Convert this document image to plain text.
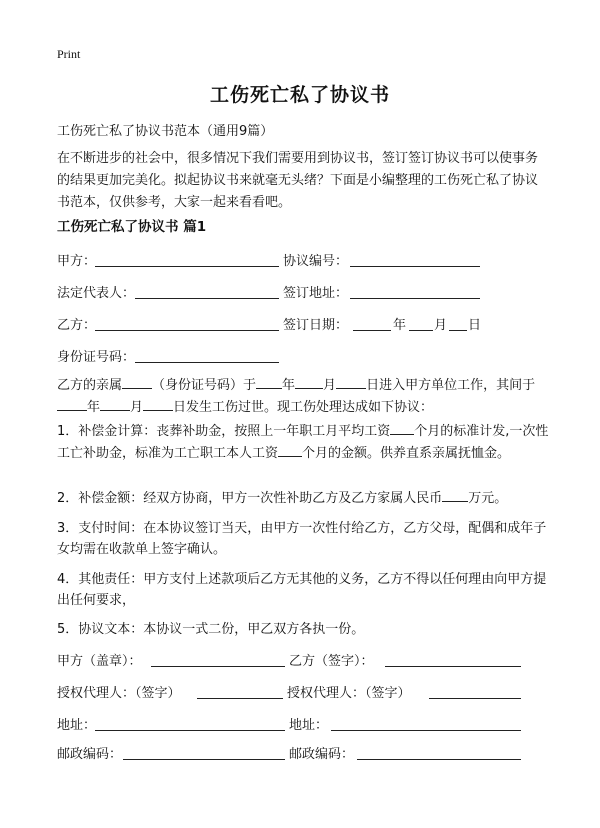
Print
工伤死亡私了协议书
工伤死亡私了协议书范本（通用9篇）
在不断进步的社会中，很多情况下我们需要用到协议书，签订签订协议书可以使事务的结果更加完美化。拟起协议书来就毫无头绪？下面是小编整理的工伤死亡私了协议书范本，仅供参考，大家一起来看看吧。
工伤死亡私了协议书 篇1
甲方：	协议编号：
法定代表人：	签订地址：
乙方：	签订日期：	年 月 日
身份证号码：
乙方的亲属 （身份证号码）于 年 月 日进入甲方单位工作，其间于年 月 日发生工伤过世。现工伤处理达成如下协议：
1．补偿金计算：丧葬补助金，按照上一年职工月平均工资 个月的标准计发,一次性工亡补助金，标准为工亡职工本人工资 个月的金额。供养直系亲属抚恤金。
2．补偿金额：经双方协商，甲方一次性补助乙方及乙方家属人民币 万元。
3．支付时间：在本协议签订当天，由甲方一次性付给乙方，乙方父母，配偶和成年子女均需在收款单上签字确认。
4．其他责任：甲方支付上述款项后乙方无其他的义务，乙方不得以任何理由向甲方提出任何要求，
5．协议文本：本协议一式二份，甲乙双方各执一份。
甲方（盖章）：	乙方（签字）：
授权代理人：（签字）	授权代理人：（签字）
地址：	地址：
邮政编码：	邮政编码：
